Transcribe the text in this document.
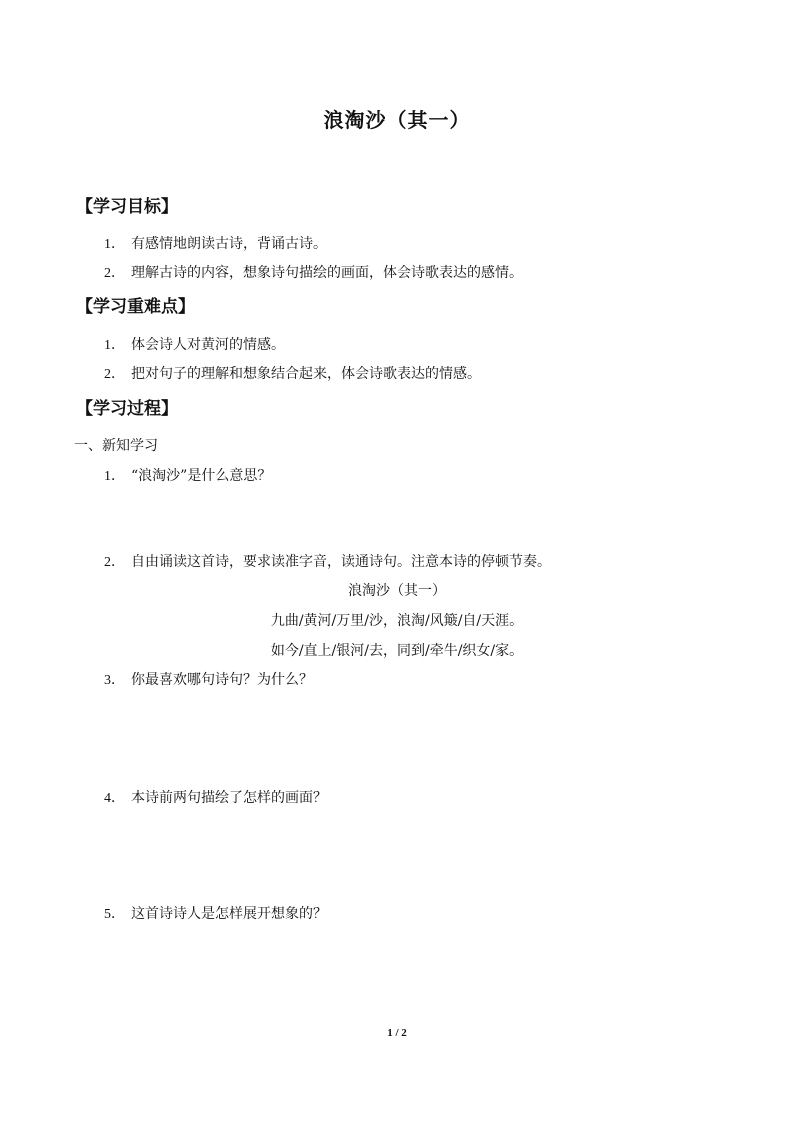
浪淘沙（其一）
【学习目标】
1． 有感情地朗读古诗，背诵古诗。
2． 理解古诗的内容，想象诗句描绘的画面，体会诗歌表达的感情。
【学习重难点】
1． 体会诗人对黄河的情感。
2． 把对句子的理解和想象结合起来，体会诗歌表达的情感。
【学习过程】
一、新知学习
1． “浪淘沙”是什么意思？
2． 自由诵读这首诗，要求读准字音，读通诗句。注意本诗的停顿节奏。
浪淘沙（其一）
九曲/黄河/万里/沙，浪淘/风簸/自/天涯。
如今/直上/银河/去，同到/牵牛/织女/家。
3． 你最喜欢哪句诗句？为什么？
4． 本诗前两句描绘了怎样的画面？
5． 这首诗诗人是怎样展开想象的？
1 / 2
